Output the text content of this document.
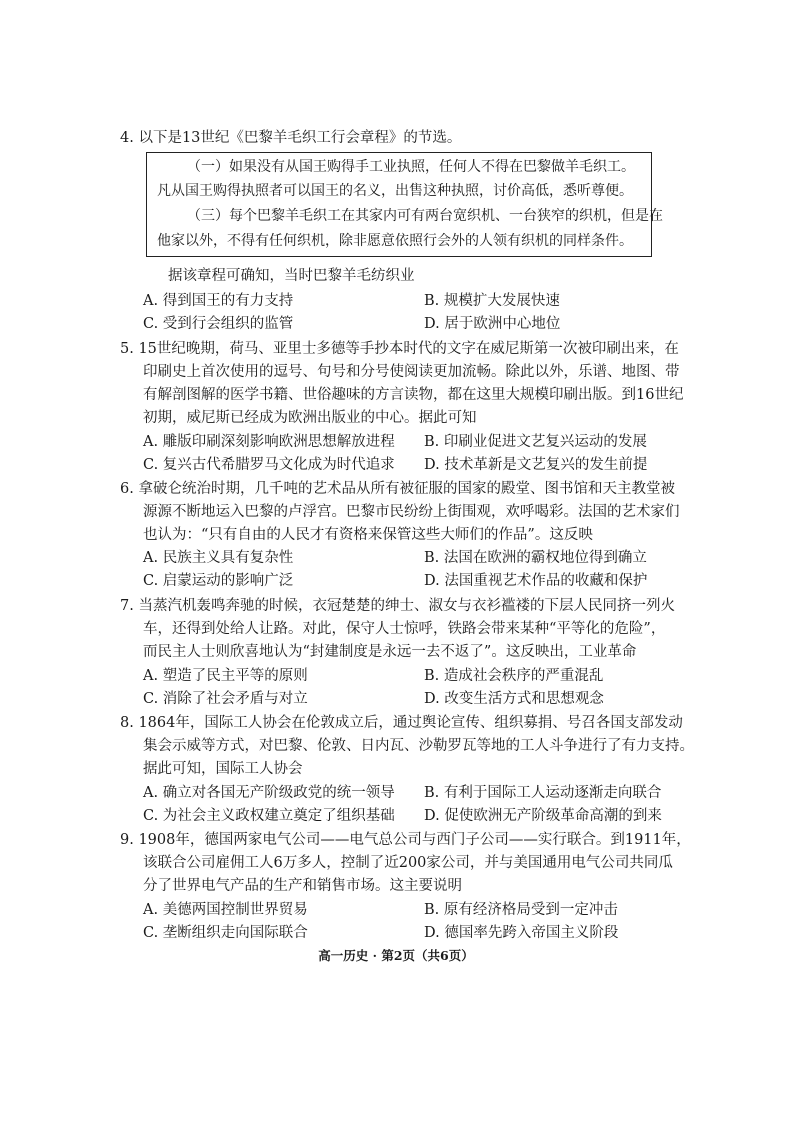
4. 以下是13世纪《巴黎羊毛织工行会章程》的节选。
（一）如果没有从国王购得手工业执照，任何人不得在巴黎做羊毛织工。
凡从国王购得执照者可以国王的名义，出售这种执照，讨价高低，悉听尊便。
（三）每个巴黎羊毛织工在其家内可有两台宽织机、一台狭窄的织机，但是在
他家以外，不得有任何织机，除非愿意依照行会外的人领有织机的同样条件。
据该章程可确知，当时巴黎羊毛纺织业
A. 得到国王的有力支持	B. 规模扩大发展快速
C. 受到行会组织的监管	D. 居于欧洲中心地位
5. 15世纪晚期，荷马、亚里士多德等手抄本时代的文字在威尼斯第一次被印刷出来，在
印刷史上首次使用的逗号、句号和分号使阅读更加流畅。除此以外，乐谱、地图、带
有解剖图解的医学书籍、世俗趣味的方言读物，都在这里大规模印刷出版。到16世纪
初期，威尼斯已经成为欧洲出版业的中心。据此可知
A. 雕版印刷深刻影响欧洲思想解放进程 B. 印刷业促进文艺复兴运动的发展
C. 复兴古代希腊罗马文化成为时代追求 D. 技术革新是文艺复兴的发生前提
6. 拿破仑统治时期，几千吨的艺术品从所有被征服的国家的殿堂、图书馆和天主教堂被
源源不断地运入巴黎的卢浮宫。巴黎市民纷纷上街围观，欢呼喝彩。法国的艺术家们
也认为：“只有自由的人民才有资格来保管这些大师们的作品”。这反映
A. 民族主义具有复杂性	B. 法国在欧洲的霸权地位得到确立
C. 启蒙运动的影响广泛	D. 法国重视艺术作品的收藏和保护
7. 当蒸汽机轰鸣奔驰的时候，衣冠楚楚的绅士、淑女与衣衫褴褛的下层人民同挤一列火
车，还得到处给人让路。对此，保守人士惊呼，铁路会带来某种“平等化的危险”，
而民主人士则欣喜地认为“封建制度是永远一去不返了”。这反映出，工业革命
A. 塑造了民主平等的原则	B. 造成社会秩序的严重混乱
C. 消除了社会矛盾与对立	D. 改变生活方式和思想观念
8. 1864年，国际工人协会在伦敦成立后，通过舆论宣传、组织募捐、号召各国支部发动
集会示威等方式，对巴黎、伦敦、日内瓦、沙勒罗瓦等地的工人斗争进行了有力支持。
据此可知，国际工人协会
A. 确立对各国无产阶级政党的统一领导 B. 有利于国际工人运动逐渐走向联合
C. 为社会主义政权建立奠定了组织基础 D. 促使欧洲无产阶级革命高潮的到来
9. 1908年，德国两家电气公司——电气总公司与西门子公司——实行联合。到1911年，
该联合公司雇佣工人6万多人，控制了近200家公司，并与美国通用电气公司共同瓜
分了世界电气产品的生产和销售市场。这主要说明
A. 美德两国控制世界贸易	B. 原有经济格局受到一定冲击
C. 垄断组织走向国际联合	D. 德国率先跨入帝国主义阶段
高一历史 · 第2页（共6页）
